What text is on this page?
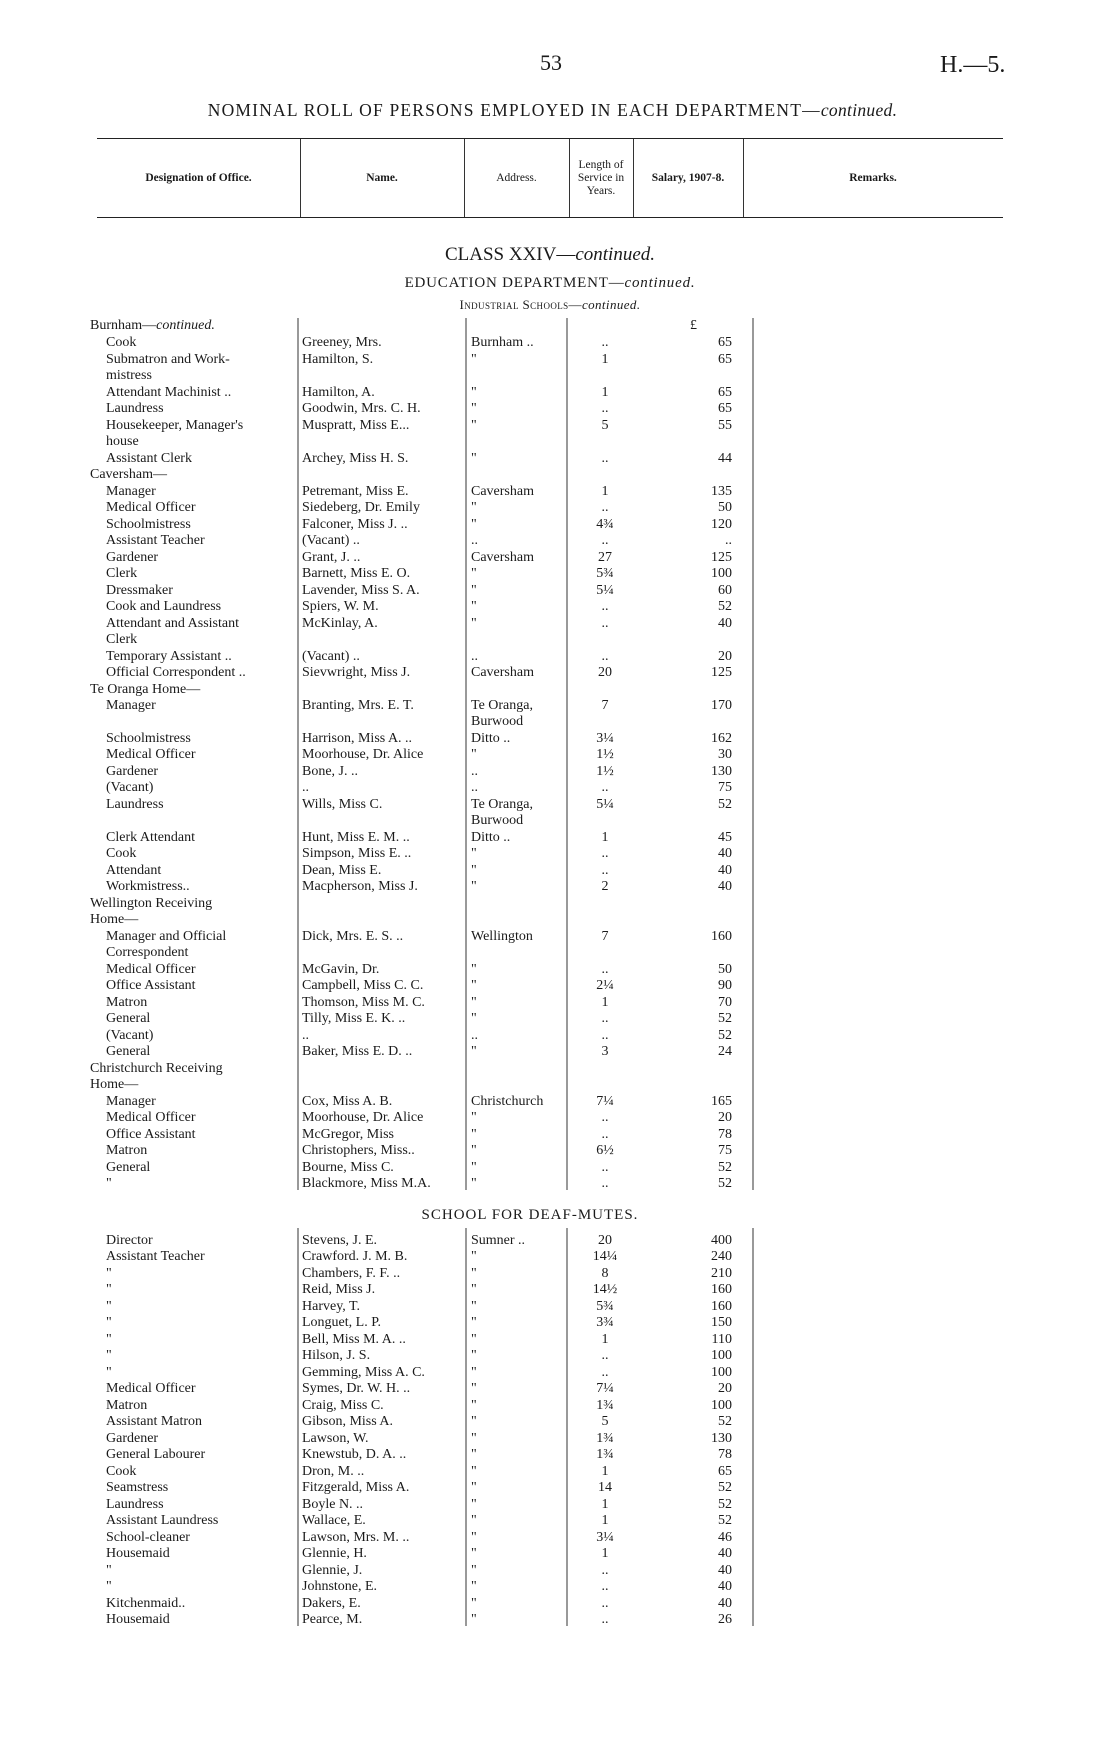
53	H.—5.
NOMINAL ROLL OF PERSONS EMPLOYED IN EACH DEPARTMENT—continued.
Designation of Office.	Name.	Address.
Length of Service in Years.
Salary, 1907-8.	Remarks.
CLASS XXIV—continued.
EDUCATION DEPARTMENT—continued.
Industrial Schools—continued.
£
Burnham—continued.
Cook	Greeney, Mrs.	Burnham ..	..	65
Submatron and Work-	Hamilton, S.	"	1	65
mistress
Attendant Machinist ..	Hamilton, A.	"	1	65
Laundress	Goodwin, Mrs. C. H.	"	..	65
Housekeeper, Manager's	Muspratt, Miss E...	"	5	55
house
Assistant Clerk	Archey, Miss H. S.	"	..	44
Caversham—
Manager	Petremant, Miss E.	Caversham	1	135
Medical Officer	Siedeberg, Dr. Emily	"	..	50
Schoolmistress	Falconer, Miss J. ..	"	4¾	120
Assistant Teacher	(Vacant) ..	..	..	..
Gardener	Grant, J. ..	Caversham	27	125
Clerk	Barnett, Miss E. O.	"	5¾	100
Dressmaker	Lavender, Miss S. A.	"	5¼	60
Cook and Laundress	Spiers, W. M.	"	..	52
Attendant and Assistant	McKinlay, A.	"	..	40
Clerk
Temporary Assistant ..	(Vacant) ..	..	..	20
Official Correspondent ..	Sievwright, Miss J.	Caversham	20	125
Te Oranga Home—
Manager	Branting, Mrs. E. T.	Te Oranga,	7	170
Burwood
Schoolmistress	Harrison, Miss A. ..	Ditto ..	3¼	162
Medical Officer	Moorhouse, Dr. Alice	"	1½	30
Gardener	Bone, J. ..	..	1½	130
(Vacant)	..	..	..	75
Laundress	Wills, Miss C.	Te Oranga,	5¼	52
Burwood
Clerk Attendant	Hunt, Miss E. M. ..	Ditto ..	1	45
Cook	Simpson, Miss E. ..	"	..	40
Attendant	Dean, Miss E.	"	..	40
Workmistress..	Macpherson, Miss J.	"	2	40
Wellington Receiving
Home—
Manager and Official	Dick, Mrs. E. S. ..	Wellington	7	160
Correspondent
Medical Officer	McGavin, Dr.	"	..	50
Office Assistant	Campbell, Miss C. C.	"	2¼	90
Matron	Thomson, Miss M. C.	"	1	70
General	Tilly, Miss E. K. ..	"	..	52
(Vacant)	..	..	..	52
General	Baker, Miss E. D. ..	"	3	24
Christchurch Receiving
Home—
Manager	Cox, Miss A. B.	Christchurch	7¼	165
Medical Officer	Moorhouse, Dr. Alice	"	..	20
Office Assistant	McGregor, Miss	"	..	78
Matron	Christophers, Miss..	"	6½	75
General	Bourne, Miss C.	"	..	52
"	Blackmore, Miss M.A.	"	..	52
SCHOOL FOR DEAF-MUTES.
Director	Stevens, J. E.	Sumner ..	20	400
Assistant Teacher	Crawford. J. M. B.	"	14¼	240
"	Chambers, F. F. ..	"	8	210
"	Reid, Miss J.	"	14½	160
"	Harvey, T.	"	5¾	160
"	Longuet, L. P.	"	3¾	150
"	Bell, Miss M. A. ..	"	1	110
"	Hilson, J. S.	"	..	100
"	Gemming, Miss A. C.	"	..	100
Medical Officer	Symes, Dr. W. H. ..	"	7¼	20
Matron	Craig, Miss C.	"	1¾	100
Assistant Matron	Gibson, Miss A.	"	5	52
Gardener	Lawson, W.	"	1¾	130
General Labourer	Knewstub, D. A. ..	"	1¾	78
Cook	Dron, M. ..	"	1	65
Seamstress	Fitzgerald, Miss A.	"	14	52
Laundress	Boyle N. ..	"	1	52
Assistant Laundress	Wallace, E.	"	1	52
School-cleaner	Lawson, Mrs. M. ..	"	3¼	46
Housemaid	Glennie, H.	"	1	40
"	Glennie, J.	"	..	40
"	Johnstone, E.	"	..	40
Kitchenmaid..	Dakers, E.	"	..	40
Housemaid	Pearce, M.	"	..	26
